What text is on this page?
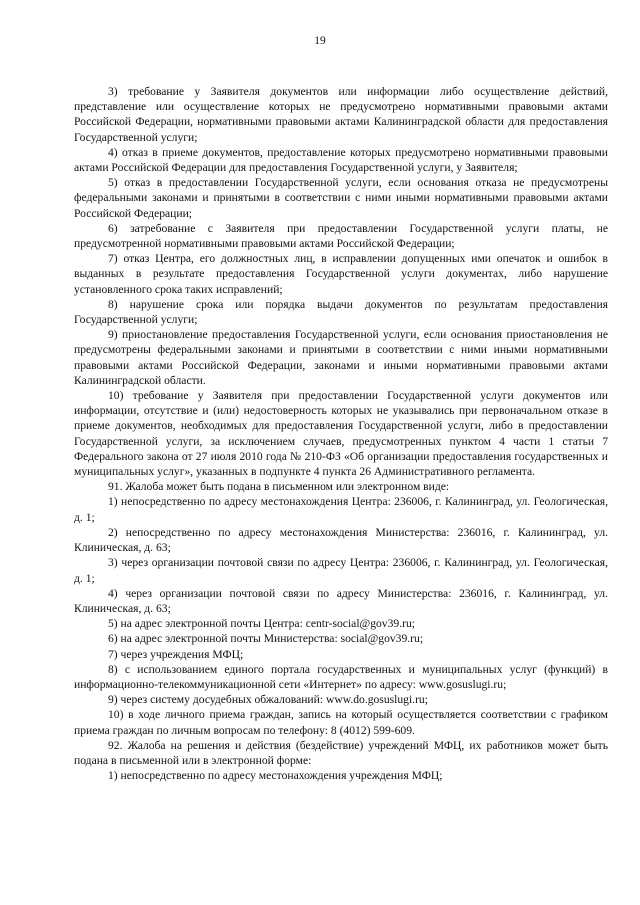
19

3) требование у Заявителя документов или информации либо осуществление действий, представление или осуществление которых не предусмотрено нормативными правовыми актами Российской Федерации, нормативными правовыми актами Калининградской области для предоставления Государственной услуги;

4) отказ в приеме документов, предоставление которых предусмотрено нормативными правовыми актами Российской Федерации для предоставления Государственной услуги, у Заявителя;

5) отказ в предоставлении Государственной услуги, если основания отказа не предусмотрены федеральными законами и принятыми в соответствии с ними иными нормативными правовыми актами Российской Федерации;

6) затребование с Заявителя при предоставлении Государственной услуги платы, не предусмотренной нормативными правовыми актами Российской Федерации;

7) отказ Центра, его должностных лиц, в исправлении допущенных ими опечаток и ошибок в выданных в результате предоставления Государственной услуги документах, либо нарушение установленного срока таких исправлений;

8) нарушение срока или порядка выдачи документов по результатам предоставления Государственной услуги;

9) приостановление предоставления Государственной услуги, если основания приостановления не предусмотрены федеральными законами и принятыми в соответствии с ними иными нормативными правовыми актами Российской Федерации, законами и иными нормативными правовыми актами Калининградской области.

10) требование у Заявителя при предоставлении Государственной услуги документов или информации, отсутствие и (или) недостоверность которых не указывались при первоначальном отказе в приеме документов, необходимых для предоставления Государственной услуги, либо в предоставлении Государственной услуги, за исключением случаев, предусмотренных пунктом 4 части 1 статьи 7 Федерального закона от 27 июля 2010 года № 210-ФЗ «Об организации предоставления государственных и муниципальных услуг», указанных в подпункте 4 пункта 26 Административного регламента.

91. Жалоба может быть подана в письменном или электронном виде:

1) непосредственно по адресу местонахождения Центра: 236006, г. Калининград, ул. Геологическая, д. 1;

2) непосредственно по адресу местонахождения Министерства: 236016, г. Калининград, ул. Клиническая, д. 63;

3) через организации почтовой связи по адресу Центра: 236006, г. Калининград, ул. Геологическая, д. 1;

4) через организации почтовой связи по адресу Министерства: 236016, г. Калининград, ул. Клиническая, д. 63;

5) на адрес электронной почты Центра: centr-social@gov39.ru;

6) на адрес электронной почты Министерства: social@gov39.ru;

7) через учреждения МФЦ;

8) с использованием единого портала государственных и муниципальных услуг (функций) в информационно-телекоммуникационной сети «Интернет» по адресу: www.gosuslugi.ru;

9) через систему досудебных обжалований: www.do.gosuslugi.ru;

10) в ходе личного приема граждан, запись на который осуществляется соответствии с графиком приема граждан по личным вопросам по телефону: 8 (4012) 599-609.

92. Жалоба на решения и действия (бездействие) учреждений МФЦ, их работников может быть подана в письменной или в электронной форме:

1) непосредственно по адресу местонахождения учреждения МФЦ;
